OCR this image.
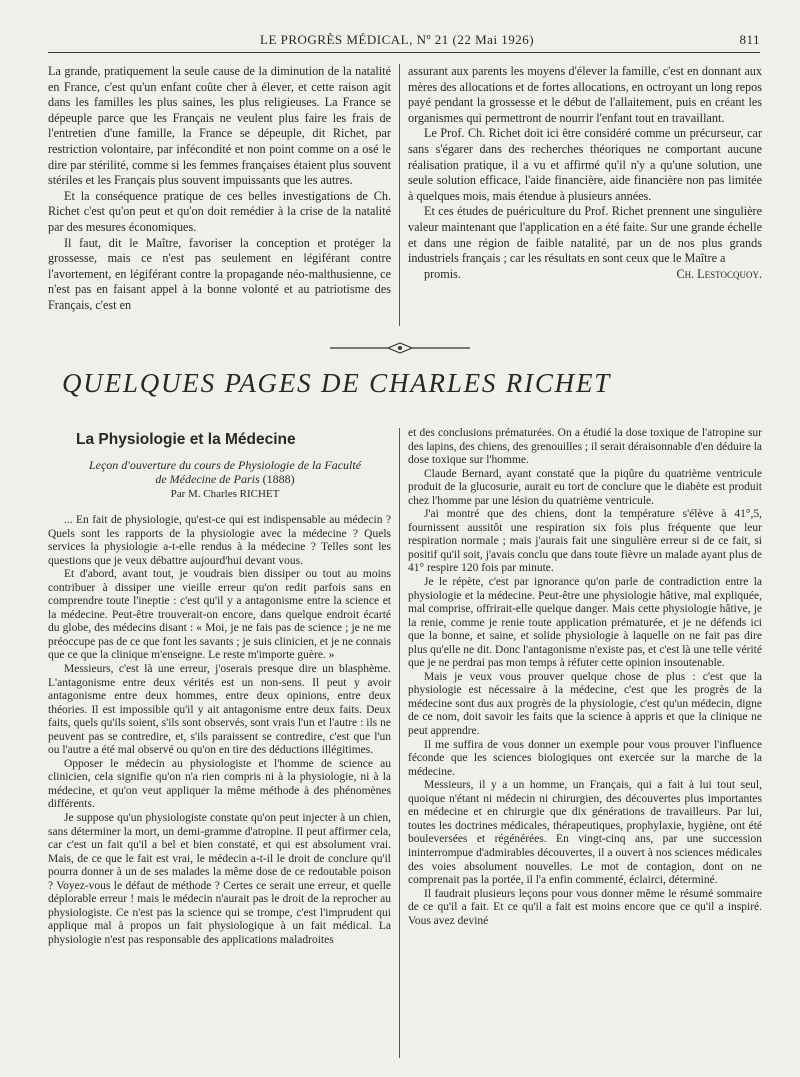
LE PROGRÈS MÉDICAL, Nº 21 (22 Mai 1926)	811

La grande, pratiquement la seule cause de la diminution de la natalité en France, c'est qu'un enfant coûte cher à élever, et cette raison agit dans les familles les plus saines, les plus religieuses. La France se dépeuple parce que les Français ne veulent plus faire les frais de l'entretien d'une famille, la France se dépeuple, dit Richet, par restriction volontaire, par infécondité et non point comme on a osé le dire par stérilité, comme si les femmes françaises étaient plus souvent stériles et les Français plus souvent impuissants que les autres.

Et la conséquence pratique de ces belles investigations de Ch. Richet c'est qu'on peut et qu'on doit remédier à la crise de la natalité par des mesures économiques.

Il faut, dit le Maître, favoriser la conception et protéger la grossesse, mais ce n'est pas seulement en légiférant contre l'avortement, en légiférant contre la propagande néo-malthusienne, ce n'est pas en faisant appel à la bonne volonté et au patriotisme des Français, c'est en

assurant aux parents les moyens d'élever la famille, c'est en donnant aux mères des allocations et de fortes allocations, en octroyant un long repos payé pendant la grossesse et le début de l'allaitement, puis en créant les organismes qui permettront de nourrir l'enfant tout en travaillant.

Le Prof. Ch. Richet doit ici être considéré comme un précurseur, car sans s'égarer dans des recherches théoriques ne comportant aucune réalisation pratique, il a vu et affirmé qu'il n'y a qu'une solution, une seule solution efficace, l'aide financière, aide financière non pas limitée à quelques mois, mais étendue à plusieurs années.

Et ces études de puériculture du Prof. Richet prennent une singulière valeur maintenant que l'application en a été faite. Sur une grande échelle et dans une région de faible natalité, par un de nos plus grands industriels français ; car les résultats en sont ceux que le Maître a

promis.	Ch. Lestocquoy.

QUELQUES PAGES DE CHARLES RICHET
La Physiologie et la Médecine
Leçon d'ouverture du cours de Physiologie de la Faculté
de Médecine de Paris (1888)
Par M. Charles RICHET

... En fait de physiologie, qu'est-ce qui est indispensable au médecin ? Quels sont les rapports de la physiologie avec la médecine ? Quels services la physiologie a-t-elle rendus à la médecine ? Telles sont les questions que je veux débattre aujourd'hui devant vous.

Et d'abord, avant tout, je voudrais bien dissiper ou tout au moins contribuer à dissiper une vieille erreur qu'on redit parfois sans en comprendre toute l'ineptie : c'est qu'il y a antagonisme entre la science et la médecine. Peut-être trouverait-on encore, dans quelque endroit écarté du globe, des médecins disant : « Moi, je ne fais pas de science ; je ne me préoccupe pas de ce que font les savants ; je suis clinicien, et je ne connais que ce que la clinique m'enseigne. Le reste m'importe guère. »

Messieurs, c'est là une erreur, j'oserais presque dire un blasphème. L'antagonisme entre deux vérités est un non-sens. Il peut y avoir antagonisme entre deux hommes, entre deux opinions, entre deux théories. Il est impossible qu'il y ait antagonisme entre deux faits. Deux faits, quels qu'ils soient, s'ils sont observés, sont vrais l'un et l'autre : ils ne peuvent pas se contredire, et, s'ils paraissent se contredire, c'est que l'un ou l'autre a été mal observé ou qu'on en tire des déductions illégitimes.

Opposer le médecin au physiologiste et l'homme de science au clinicien, cela signifie qu'on n'a rien compris ni à la physiologie, ni à la médecine, et qu'on veut appliquer la même méthode à des phénomènes différents.

Je suppose qu'un physiologiste constate qu'on peut injecter à un chien, sans déterminer la mort, un demi-gramme d'atropine. Il peut affirmer cela, car c'est un fait qu'il a bel et bien constaté, et qui est absolument vrai. Mais, de ce que le fait est vrai, le médecin a-t-il le droit de conclure qu'il pourra donner à un de ses malades la même dose de ce redoutable poison ? Voyez-vous le défaut de méthode ? Certes ce serait une erreur, et quelle déplorable erreur ! mais le médecin n'aurait pas le droit de la reprocher au physiologiste. Ce n'est pas la science qui se trompe, c'est l'imprudent qui applique mal à propos un fait physiologique à un fait médical. La physiologie n'est pas responsable des applications maladroites

et des conclusions prématurées. On a étudié la dose toxique de l'atropine sur des lapins, des chiens, des grenouilles ; il serait déraisonnable d'en déduire la dose toxique sur l'homme.

Claude Bernard, ayant constaté que la piqûre du quatrième ventricule produit de la glucosurie, aurait eu tort de conclure que le diabète est produit chez l'homme par une lésion du quatrième ventricule.

J'ai montré que des chiens, dont la température s'élève à 41°,5, fournissent aussitôt une respiration six fois plus fréquente que leur respiration normale ; mais j'aurais fait une singulière erreur si de ce fait, si positif qu'il soit, j'avais conclu que dans toute fièvre un malade ayant plus de 41° respire 120 fois par minute.

Je le répète, c'est par ignorance qu'on parle de contradiction entre la physiologie et la médecine. Peut-être une physiologie hâtive, mal expliquée, mal comprise, offrirait-elle quelque danger. Mais cette physiologie hâtive, je la renie, comme je renie toute application prématurée, et je ne défends ici que la bonne, et saine, et solide physiologie à laquelle on ne fait pas dire plus qu'elle ne dit. Donc l'antagonisme n'existe pas, et c'est là une telle vérité que je ne perdrai pas mon temps à réfuter cette opinion insoutenable.

Mais je veux vous prouver quelque chose de plus : c'est que la physiologie est nécessaire à la médecine, c'est que les progrès de la médecine sont dus aux progrès de la physiologie, c'est qu'un médecin, digne de ce nom, doit savoir les faits que la science à appris et que la clinique ne peut apprendre.

Il me suffira de vous donner un exemple pour vous prouver l'influence féconde que les sciences biologiques ont exercée sur la marche de la médecine.

Messieurs, il y a un homme, un Français, qui a fait à lui tout seul, quoique n'étant ni médecin ni chirurgien, des découvertes plus importantes en médecine et en chirurgie que dix générations de travailleurs. Par lui, toutes les doctrines médicales, thérapeutiques, prophylaxie, hygiène, ont été bouleversées et régénérées. En vingt-cinq ans, par une succession ininterrompue d'admirables découvertes, il a ouvert à nos sciences médicales des voies absolument nouvelles. Le mot de contagion, dont on ne comprenait pas la portée, il l'a enfin commenté, éclairci, déterminé.

Il faudrait plusieurs leçons pour vous donner même le résumé sommaire de ce qu'il a fait. Et ce qu'il a fait est moins encore que ce qu'il a inspiré. Vous avez deviné
